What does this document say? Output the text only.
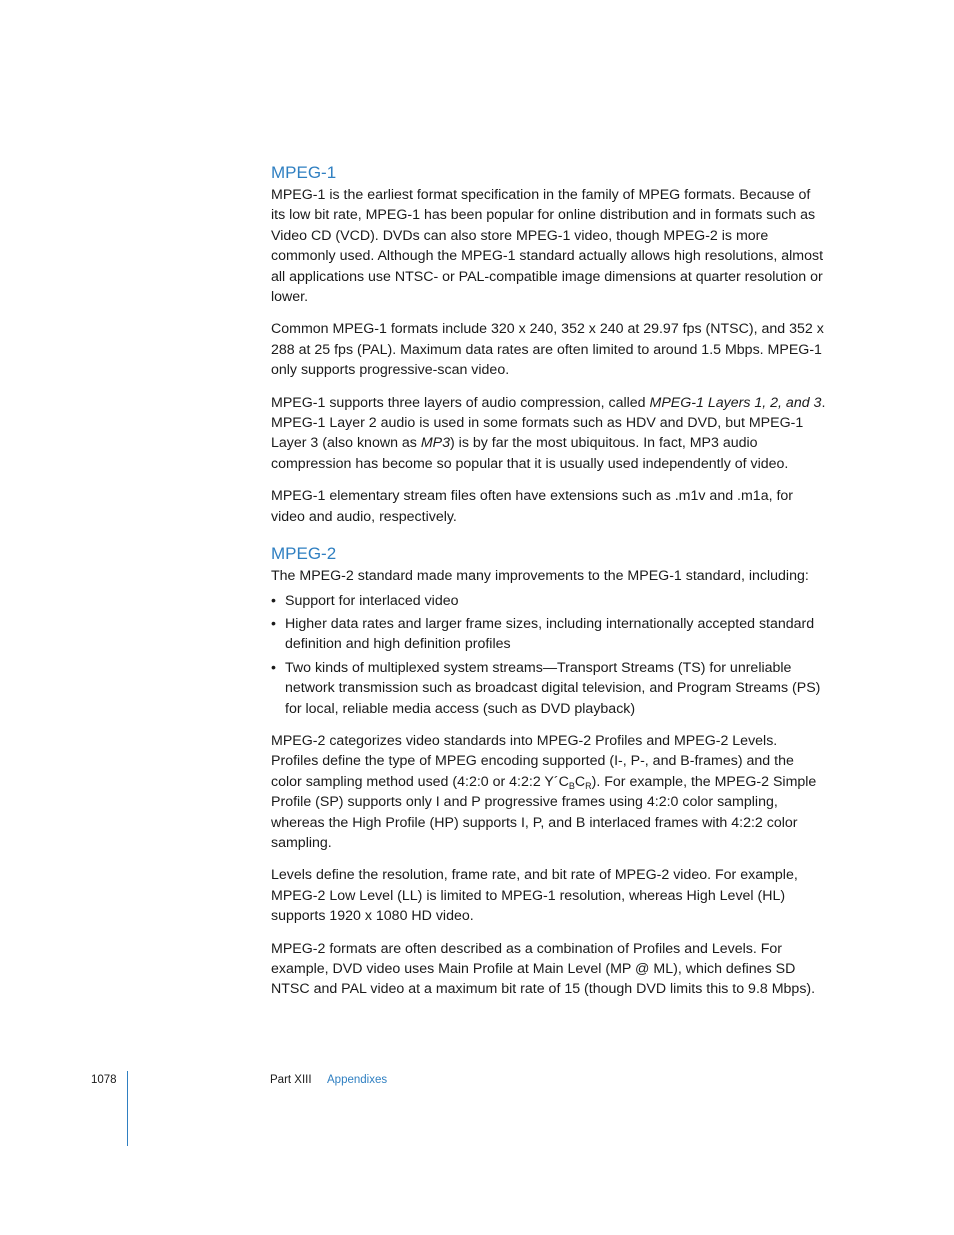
MPEG-1

MPEG-1 is the earliest format specification in the family of MPEG formats. Because of its low bit rate, MPEG-1 has been popular for online distribution and in formats such as Video CD (VCD). DVDs can also store MPEG-1 video, though MPEG-2 is more commonly used. Although the MPEG-1 standard actually allows high resolutions, almost all applications use NTSC- or PAL-compatible image dimensions at quarter resolution or lower.

Common MPEG-1 formats include 320 x 240, 352 x 240 at 29.97 fps (NTSC), and 352 x 288 at 25 fps (PAL). Maximum data rates are often limited to around 1.5 Mbps. MPEG-1 only supports progressive-scan video.

MPEG-1 supports three layers of audio compression, called MPEG-1 Layers 1, 2, and 3. MPEG-1 Layer 2 audio is used in some formats such as HDV and DVD, but MPEG-1 Layer 3 (also known as MP3) is by far the most ubiquitous. In fact, MP3 audio compression has become so popular that it is usually used independently of video.

MPEG-1 elementary stream files often have extensions such as .m1v and .m1a, for video and audio, respectively.

MPEG-2

The MPEG-2 standard made many improvements to the MPEG-1 standard, including:

• Support for interlaced video
• Higher data rates and larger frame sizes, including internationally accepted standard definition and high definition profiles
• Two kinds of multiplexed system streams—Transport Streams (TS) for unreliable network transmission such as broadcast digital television, and Program Streams (PS) for local, reliable media access (such as DVD playback)

MPEG-2 categorizes video standards into MPEG-2 Profiles and MPEG-2 Levels. Profiles define the type of MPEG encoding supported (I-, P-, and B-frames) and the color sampling method used (4:2:0 or 4:2:2 $Y´C_BC_R$). For example, the MPEG-2 Simple Profile (SP) supports only I and P progressive frames using 4:2:0 color sampling, whereas the High Profile (HP) supports I, P, and B interlaced frames with 4:2:2 color sampling.

Levels define the resolution, frame rate, and bit rate of MPEG-2 video. For example, MPEG-2 Low Level (LL) is limited to MPEG-1 resolution, whereas High Level (HL) supports 1920 x 1080 HD video.

MPEG-2 formats are often described as a combination of Profiles and Levels. For example, DVD video uses Main Profile at Main Level (MP @ ML), which defines SD NTSC and PAL video at a maximum bit rate of 15 (though DVD limits this to 9.8 Mbps).

1078	Part XIII Appendixes
